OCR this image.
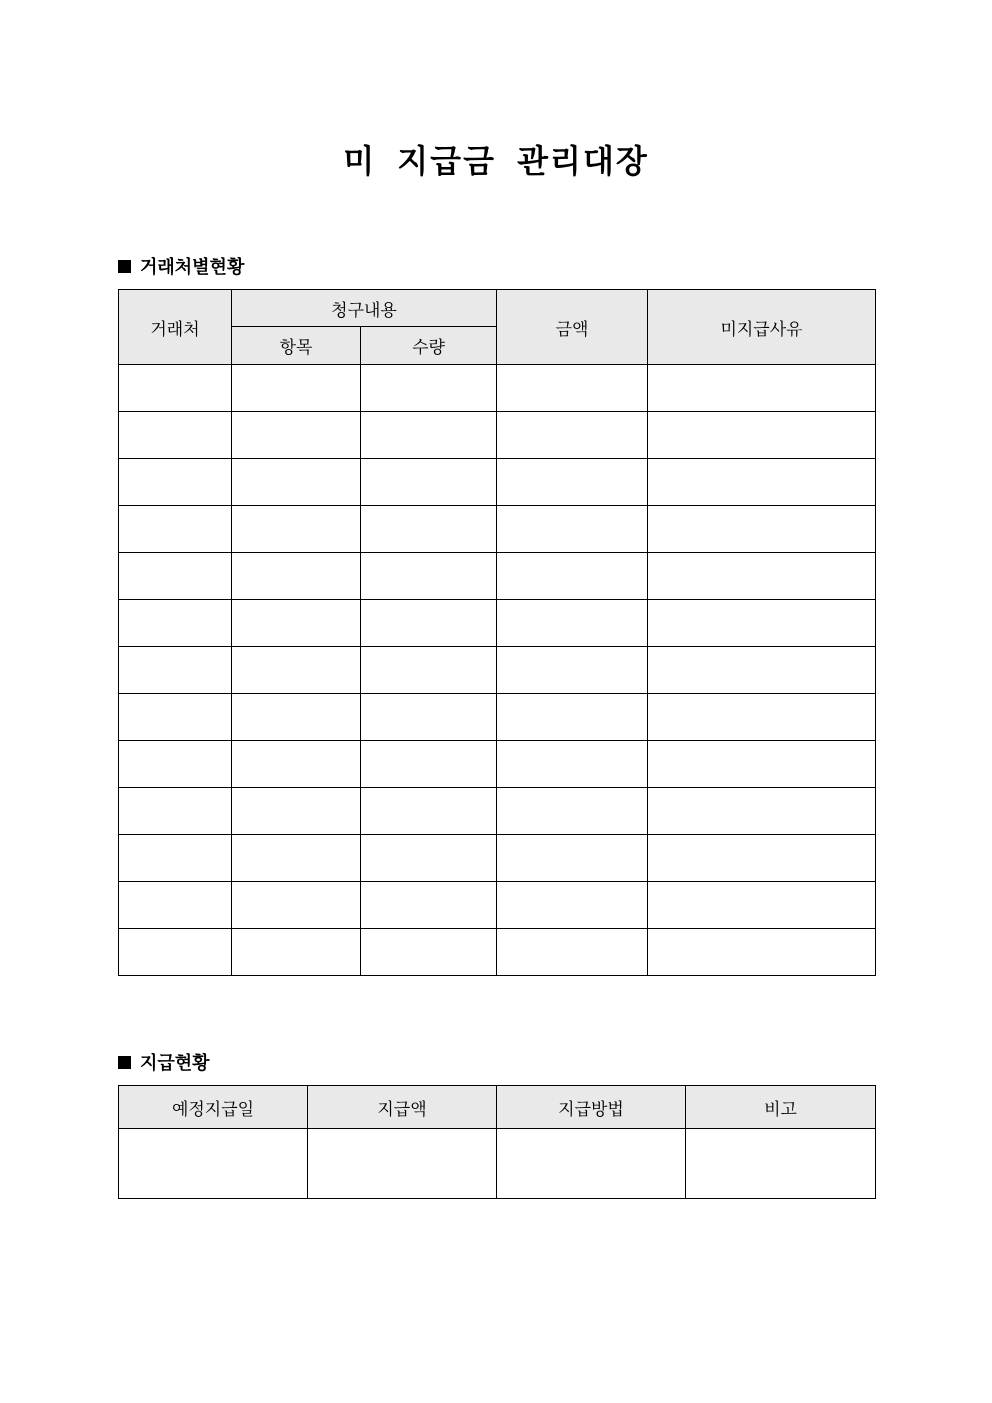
미 지급금 관리대장
거래처별현황
거래처	청구내용		금액	미지급사유
	항목	수량		

지급현황
예정지급일	지급액	지급방법	비고
